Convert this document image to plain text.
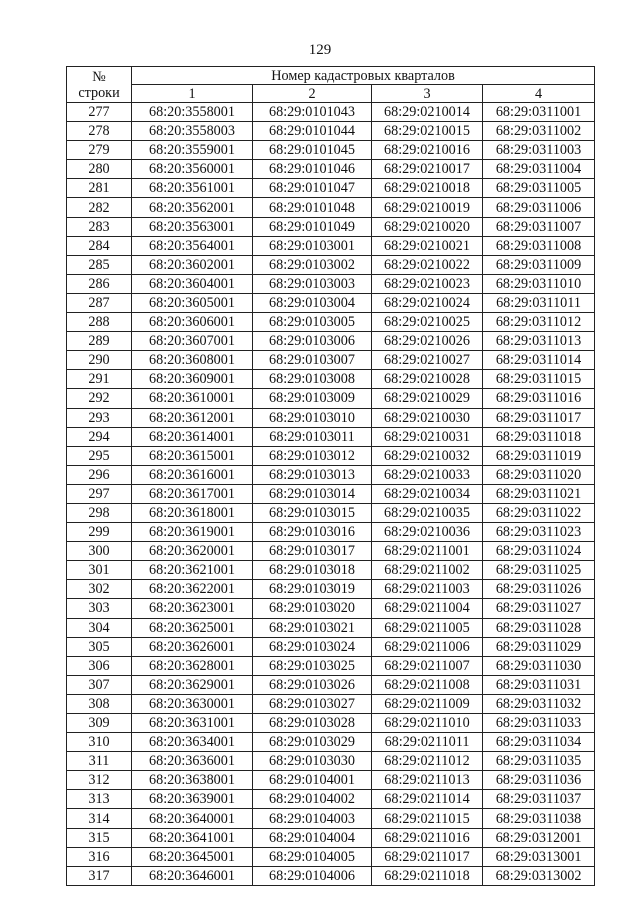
129
№
строки	Номер кадастровых кварталов			
	1	2	3	4
277	68:20:3558001	68:29:0101043	68:29:0210014	68:29:0311001
278	68:20:3558003	68:29:0101044	68:29:0210015	68:29:0311002
279	68:20:3559001	68:29:0101045	68:29:0210016	68:29:0311003
280	68:20:3560001	68:29:0101046	68:29:0210017	68:29:0311004
281	68:20:3561001	68:29:0101047	68:29:0210018	68:29:0311005
282	68:20:3562001	68:29:0101048	68:29:0210019	68:29:0311006
283	68:20:3563001	68:29:0101049	68:29:0210020	68:29:0311007
284	68:20:3564001	68:29:0103001	68:29:0210021	68:29:0311008
285	68:20:3602001	68:29:0103002	68:29:0210022	68:29:0311009
286	68:20:3604001	68:29:0103003	68:29:0210023	68:29:0311010
287	68:20:3605001	68:29:0103004	68:29:0210024	68:29:0311011
288	68:20:3606001	68:29:0103005	68:29:0210025	68:29:0311012
289	68:20:3607001	68:29:0103006	68:29:0210026	68:29:0311013
290	68:20:3608001	68:29:0103007	68:29:0210027	68:29:0311014
291	68:20:3609001	68:29:0103008	68:29:0210028	68:29:0311015
292	68:20:3610001	68:29:0103009	68:29:0210029	68:29:0311016
293	68:20:3612001	68:29:0103010	68:29:0210030	68:29:0311017
294	68:20:3614001	68:29:0103011	68:29:0210031	68:29:0311018
295	68:20:3615001	68:29:0103012	68:29:0210032	68:29:0311019
296	68:20:3616001	68:29:0103013	68:29:0210033	68:29:0311020
297	68:20:3617001	68:29:0103014	68:29:0210034	68:29:0311021
298	68:20:3618001	68:29:0103015	68:29:0210035	68:29:0311022
299	68:20:3619001	68:29:0103016	68:29:0210036	68:29:0311023
300	68:20:3620001	68:29:0103017	68:29:0211001	68:29:0311024
301	68:20:3621001	68:29:0103018	68:29:0211002	68:29:0311025
302	68:20:3622001	68:29:0103019	68:29:0211003	68:29:0311026
303	68:20:3623001	68:29:0103020	68:29:0211004	68:29:0311027
304	68:20:3625001	68:29:0103021	68:29:0211005	68:29:0311028
305	68:20:3626001	68:29:0103024	68:29:0211006	68:29:0311029
306	68:20:3628001	68:29:0103025	68:29:0211007	68:29:0311030
307	68:20:3629001	68:29:0103026	68:29:0211008	68:29:0311031
308	68:20:3630001	68:29:0103027	68:29:0211009	68:29:0311032
309	68:20:3631001	68:29:0103028	68:29:0211010	68:29:0311033
310	68:20:3634001	68:29:0103029	68:29:0211011	68:29:0311034
311	68:20:3636001	68:29:0103030	68:29:0211012	68:29:0311035
312	68:20:3638001	68:29:0104001	68:29:0211013	68:29:0311036
313	68:20:3639001	68:29:0104002	68:29:0211014	68:29:0311037
314	68:20:3640001	68:29:0104003	68:29:0211015	68:29:0311038
315	68:20:3641001	68:29:0104004	68:29:0211016	68:29:0312001
316	68:20:3645001	68:29:0104005	68:29:0211017	68:29:0313001
317	68:20:3646001	68:29:0104006	68:29:0211018	68:29:0313002
